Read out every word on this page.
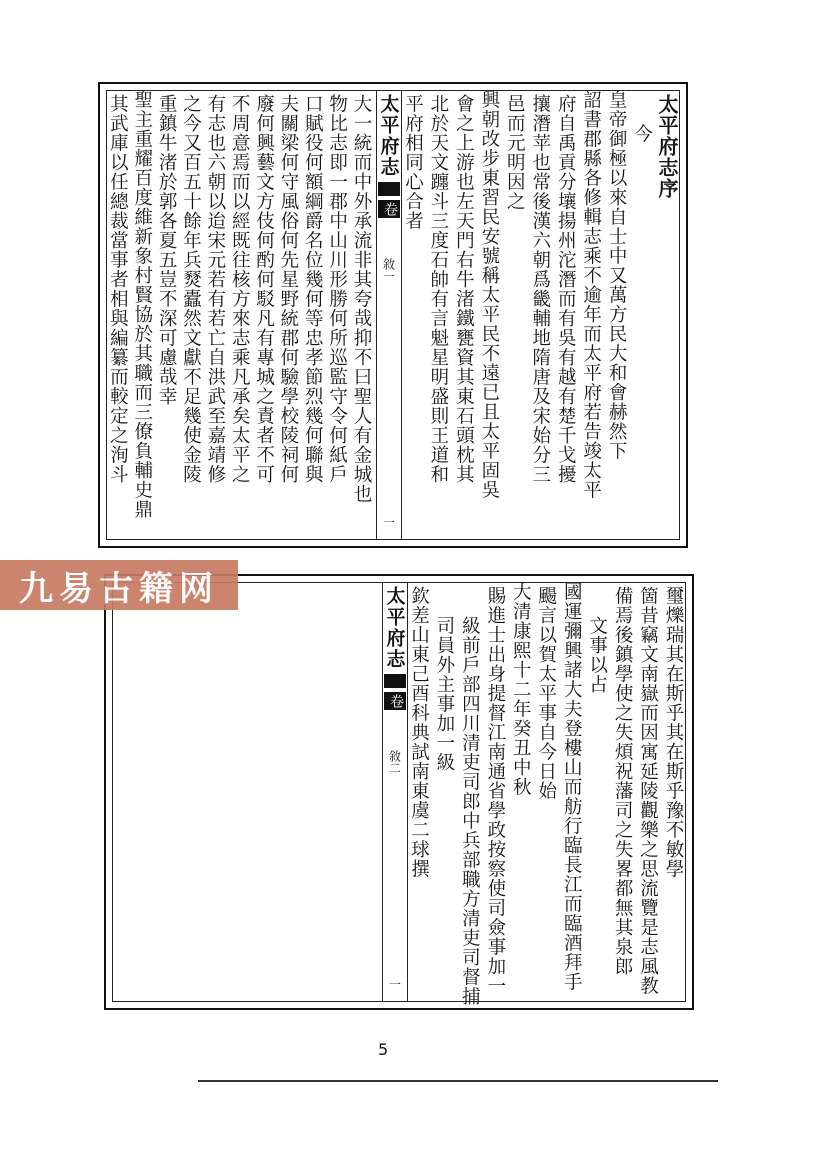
太平府志序
今
皇帝御極以來自士中又萬方民大和會赫然下
詔書郡縣各修輯志乘不逾年而太平府若告竣太平
府自禹貢分壤揚州沱潛而有吳有越有楚千戈擾
攘潛苹也常後漢六朝爲畿輔地隋唐及宋始分三
邑而元明因之
興朝改步東習民安號稱太平民不遠已且太平固吳
會之上游也左天門右牛渚鐵甕資其東石頭枕其
北於天文躔斗三度石帥有言魁星明盛則王道和
平府相同心合者
太平府志
卷
敘一
一
大一統而中外承流非其夸哉抑不曰聖人有金城也
物比志即一郡中山川形勝何所巡監守令何紙戶
口賦役何額綱爵名位幾何等忠孝節烈幾何聯與
夫關梁何守風俗何先星野統郡何驗學校陵祠何
廢何興藝文方伎何酌何駁凡有專城之責者不可
不周意焉而以經既往核方來志乘凡承矣太平之
有志也六朝以迨宋元若有若亡自洪武至嘉靖修
之今又百五十餘年兵燹蠹然文獻不足幾使金陵
重鎮牛渚於郭各夏五豈不深可慮哉幸
聖主重耀百度維新象村賢協於其職而三僚負輔史鼎
其武庫以任總裁當事者相與編纂而較定之洵斗
璽爍瑞其在斯乎其在斯乎豫不敏學
箇昔竊文南嶽而因寓延陵觀樂之思流覽是志風教
備焉後鎮學使之失煩祝藩司之失畧都無其泉郎
文事以占
國運彌興諸大夫登樓山而舫行臨長江而臨酒拜手
颺言以賀太平事自今日始
大清康熙十二年癸丑中秋
賜進士出身提督江南通省學政按察使司僉事加一
級前戶部四川清吏司郎中兵部職方清吏司督捕
司員外主事加一級
欽差山東己酉科典試南東虞二球撰
太平府志
卷
敘二
一
九易古籍网
5
